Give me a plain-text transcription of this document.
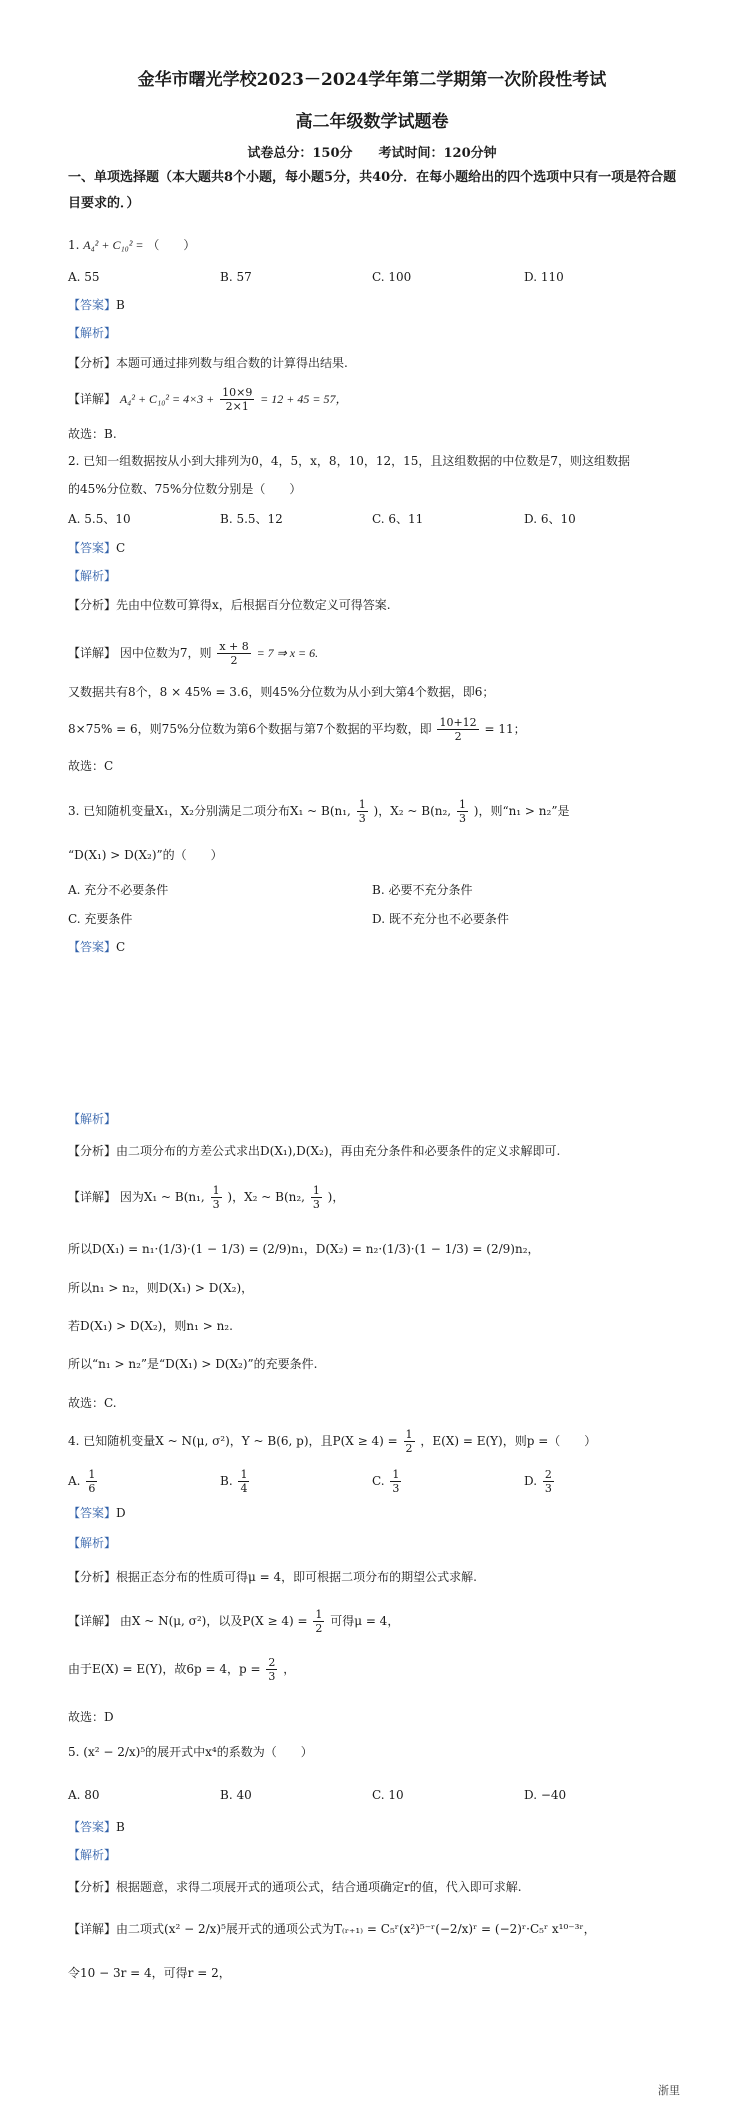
金华市曙光学校2023－2024学年第二学期第一次阶段性考试
高二年级数学试题卷
试卷总分：150分　　考试时间：120分钟
一、单项选择题（本大题共8个小题，每小题5分，共40分．在每小题给出的四个选项中只有一项是符合题目要求的．）
1. A₄² + C₁₀² = （　　）
A. 55	B. 57	C. 100	D. 110
【答案】B
【解析】
【分析】本题可通过排列数与组合数的计算得出结果.
【详解】 $A_4^2 + C_{10}^2 = 4\times 3 + \frac{10\times 9}{2\times 1} = 12 + 45 = 57$，
故选：B.
2. 已知一组数据按从小到大排列为0，4，5，x，8，10，12，15，且这组数据的中位数是7，则这组数据
的45%分位数、75%分位数分别是（　　）
A. 5.5、10	B. 5.5、12	C. 6、11	D. 6、10
【答案】C
【解析】
【分析】先由中位数可算得x，后根据百分位数定义可得答案.
【详解】 因中位数为7，则 $\frac{x + 8}{2} = 7$ ⇒ x = 6.
又数据共有8个，8 × 45% = 3.6，则45%分位数为从小到大第4个数据，即6；
8×75% = 6，则75%分位数为第6个数据与第7个数据的平均数，即 $\frac{10+12}{2} = 11$；
故选：C
3. 已知随机变量X₁，X₂分别满足二项分布X₁ ~ B(n₁, $\frac{1}{3}$ )，X₂ ~ B(n₂, $\frac{1}{3}$ )，则“n₁ > n₂”是
“D(X₁) > D(X₂)”的（　　）
A. 充分不必要条件	B. 必要不充分条件
C. 充要条件	D. 既不充分也不必要条件
【答案】C
【解析】
【分析】由二项分布的方差公式求出D(X₁),D(X₂)，再由充分条件和必要条件的定义求解即可.
【详解】 因为X₁ ~ B(n₁, $\frac{1}{3}$ )，X₂ ~ B(n₂, $\frac{1}{3}$ )，
所以D(X₁) = n₁·(1/3)·(1 − 1/3) = (2/9)n₁，D(X₂) = n₂·(1/3)·(1 − 1/3) = (2/9)n₂，
所以n₁ > n₂，则D(X₁) > D(X₂)，
若D(X₁) > D(X₂)，则n₁ > n₂.
所以“n₁ > n₂”是“D(X₁) > D(X₂)”的充要条件.
故选：C.
4. 已知随机变量X ~ N(μ, σ²)，Y ~ B(6, p)，且$P(X \ge 4) = \frac{1}{2}$ ，E(X) = E(Y)，则p =（　　）
A. $\frac{1}{6}$	B. $\frac{1}{4}$	C. $\frac{1}{3}$	D. $\frac{2}{3}$
【答案】D
【解析】
【分析】根据正态分布的性质可得μ = 4，即可根据二项分布的期望公式求解.
【详解】 由X ~ N(μ, σ²)，以及$P(X \ge 4) = \frac{1}{2}$ 可得μ = 4，
由于E(X) = E(Y)，故6p = 4，$p = \frac{2}{3}$ ，
故选：D
5. (x² − 2/x)⁵的展开式中x⁴的系数为（　　）
A. 80	B. 40	C. 10	D. −40
【答案】B
【解析】
【分析】根据题意，求得二项展开式的通项公式，结合通项确定r的值，代入即可求解.
【详解】由二项式(x² − 2/x)⁵展开式的通项公式为T₍ᵣ₊₁₎ = C₅ʳ(x²)⁵⁻ʳ(−2/x)ʳ = (−2)ʳ·C₅ʳ x¹⁰⁻³ʳ，
令10 − 3r = 4，可得r = 2，
浙里
